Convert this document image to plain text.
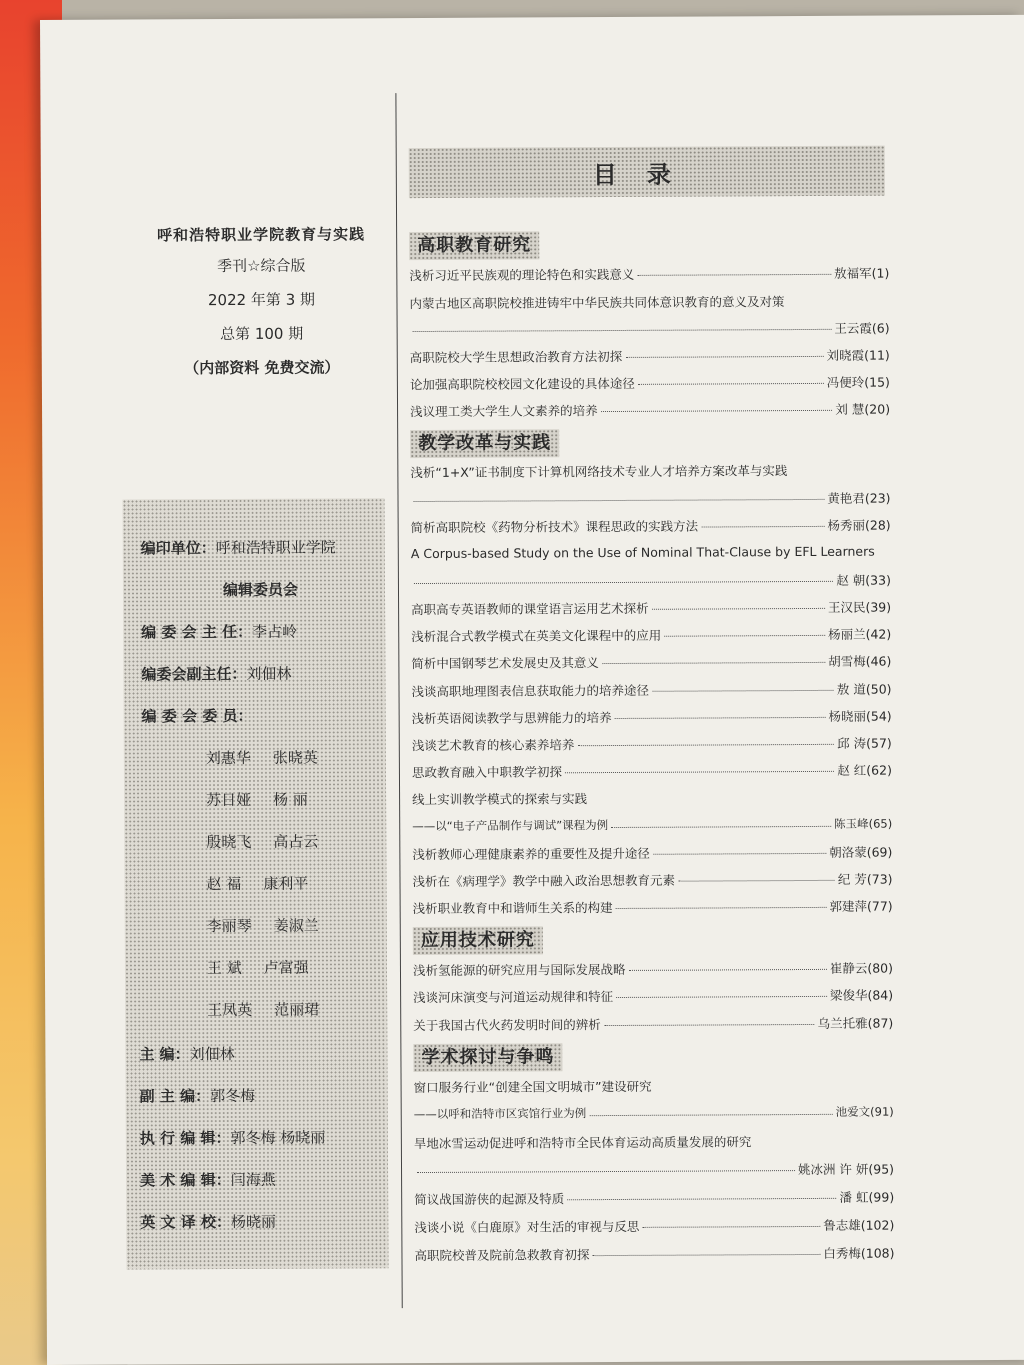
呼和浩特职业学院教育与实践
季刊☆综合版
2022 年第 3 期
总第 100 期
（内部资料 免费交流）
编印单位：呼和浩特职业学院
编辑委员会
编 委 会 主 任：李占岭
编委会副主任：刘佃林
编 委 会 委 员：
刘惠华 张晓英
苏日娅 杨 丽
殷晓飞 高占云
赵 福 康利平
李丽琴 姜淑兰
王 斌 卢富强
王凤英 范丽珺
主 编：刘佃林
副 主 编：郭冬梅
执 行 编 辑：郭冬梅 杨晓丽
美 术 编 辑：闫海燕
英 文 译 校：杨晓丽
目录
高职教育研究
浅析习近平民族观的理论特色和实践意义	敖福军(1)
内蒙古地区高职院校推进铸牢中华民族共同体意识教育的意义及对策
王云霞(6)
高职院校大学生思想政治教育方法初探	刘晓霞(11)
论加强高职院校校园文化建设的具体途径	冯便玲(15)
浅议理工类大学生人文素养的培养	刘 慧(20)
教学改革与实践
浅析“1+X”证书制度下计算机网络技术专业人才培养方案改革与实践
黄艳君(23)
简析高职院校《药物分析技术》课程思政的实践方法	杨秀丽(28)
A Corpus-based Study on the Use of Nominal That-Clause by EFL Learners
赵 朝(33)
高职高专英语教师的课堂语言运用艺术探析	王汉民(39)
浅析混合式教学模式在英美文化课程中的应用	杨丽兰(42)
简析中国钢琴艺术发展史及其意义	胡雪梅(46)
浅谈高职地理图表信息获取能力的培养途径	敖 道(50)
浅析英语阅读教学与思辨能力的培养	杨晓丽(54)
浅谈艺术教育的核心素养培养	邱 涛(57)
思政教育融入中职教学初探	赵 红(62)
线上实训教学模式的探索与实践
——以“电子产品制作与调试”课程为例	陈玉峰(65)
浅析教师心理健康素养的重要性及提升途径	朝洛蒙(69)
浅析在《病理学》教学中融入政治思想教育元素	纪 芳(73)
浅析职业教育中和谐师生关系的构建	郭建萍(77)
应用技术研究
浅析氢能源的研究应用与国际发展战略	崔静云(80)
浅谈河床演变与河道运动规律和特征	梁俊华(84)
关于我国古代火药发明时间的辨析	乌兰托雅(87)
学术探讨与争鸣
窗口服务行业“创建全国文明城市”建设研究
——以呼和浩特市区宾馆行业为例	池爱文(91)
旱地冰雪运动促进呼和浩特市全民体育运动高质量发展的研究
姚冰洲 许 妍(95)
简议战国游侠的起源及特质	潘 虹(99)
浅谈小说《白鹿原》对生活的审视与反思	鲁志雄(102)
高职院校普及院前急救教育初探	白秀梅(108)
